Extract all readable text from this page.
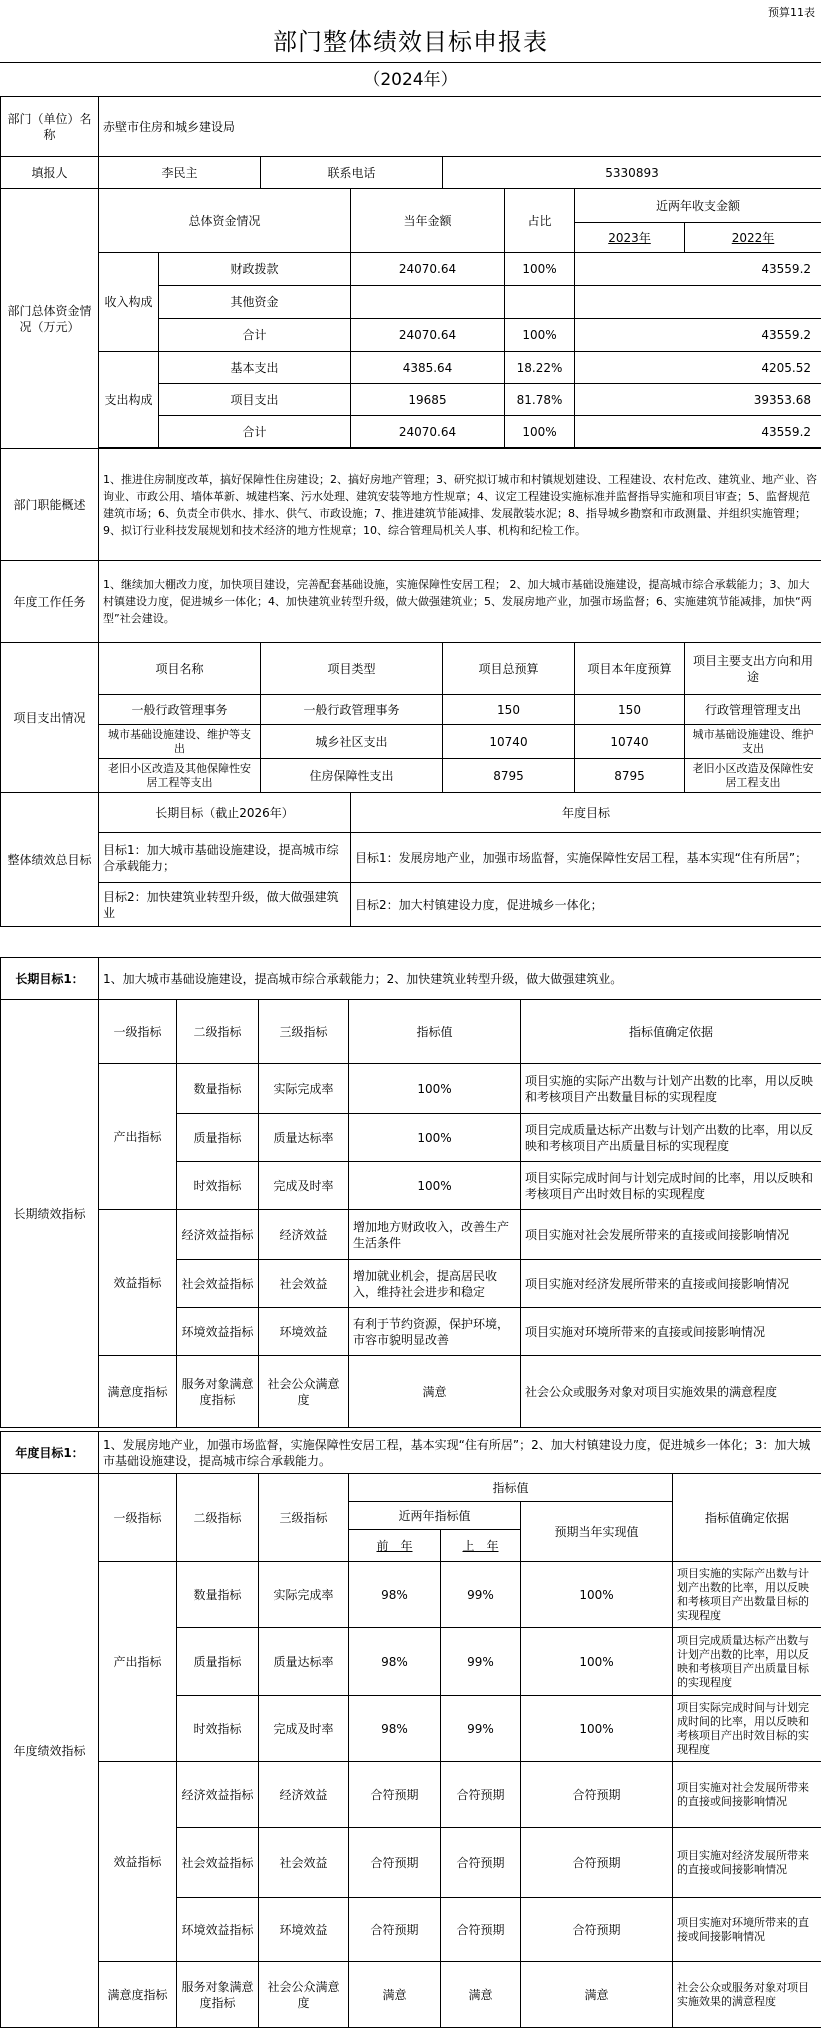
预算11表
部门整体绩效目标申报表
（2024年）
部门（单位）名称	赤壁市住房和城乡建设局								
填报人	李民主		联系电话		5330893				
部门总体资金情况（万元）	总体资金情况			当年金额		占比	近两年收支金额		
							2023年	2022年	
	收入构成	财政拨款		24070.64		100%	43559.2	
		其他资金				
		合计		24070.64		100%	43559.2	
	支出构成	基本支出		4385.64		18.22%	4205.52	
		项目支出		19685		81.78%	39353.68	
		合计		24070.64		100%	43559.2	

部门职能概述	1、推进住房制度改革，搞好保障性住房建设；2、搞好房地产管理；3、研究拟订城市和村镇规划建设、工程建设、农村危改、建筑业、地产业、咨询业、市政公用、墙体革新、城建档案、污水处理、建筑安装等地方性规章；4、议定工程建设实施标准并监督指导实施和项目审查；5、监督规范建筑市场；6、负责全市供水、排水、供气、市政设施；7、推进建筑节能减排、发展散装水泥；8、指导城乡勘察和市政测量、并组织实施管理；9、拟订行业科技发展规划和技术经济的地方性规章；10、综合管理局机关人事、机构和纪检工作。								
年度工作任务	1、继续加大棚改力度，加快项目建设，完善配套基础设施，实施保障性安居工程； 2、加大城市基础设施建设，提高城市综合承载能力；3、加大村镇建设力度，促进城乡一体化；4、加快建筑业转型升级，做大做强建筑业；5、发展房地产业，加强市场监督；6、实施建筑节能减排，加快“两型”社会建设。								
项目支出情况	项目名称		项目类型		项目总预算		项目本年度预算	项目主要支出方向和用途	
	一般行政管理事务		一般行政管理事务		150		150	行政管理管理支出	
	城市基础设施建设、维护等支出		城乡社区支出		10740		10740	城市基础设施建设、维护支出	
	老旧小区改造及其他保障性安居工程等支出		住房保障性支出		8795		8795	老旧小区改造及保障性安居工程支出	
整体绩效总目标	长期目标（截止2026年）			年度目标					
	目标1：加大城市基础设施建设，提高城市综合承载能力；			目标1：发展房地产业，加强市场监督，实施保障性安居工程，基本实现“住有所居”；					
	目标2：加快建筑业转型升级，做大做强建筑业			目标2：加大村镇建设力度，促进城乡一体化；					
长期目标1：	1、加大城市基础设施建设，提高城市综合承载能力；2、加快建筑业转型升级，做大做强建筑业。				
长期绩效指标	一级指标	二级指标	三级指标	指标值	指标值确定依据
	产出指标	数量指标	实际完成率	100%	项目实施的实际产出数与计划产出数的比率，用以反映和考核项目产出数量目标的实现程度
		质量指标	质量达标率	100%	项目完成质量达标产出数与计划产出数的比率，用以反映和考核项目产出质量目标的实现程度
		时效指标	完成及时率	100%	项目实际完成时间与计划完成时间的比率，用以反映和考核项目产出时效目标的实现程度
	效益指标	经济效益指标	经济效益	增加地方财政收入，改善生产生活条件	项目实施对社会发展所带来的直接或间接影响情况
		社会效益指标	社会效益	增加就业机会，提高居民收入，维持社会进步和稳定	项目实施对经济发展所带来的直接或间接影响情况
		环境效益指标	环境效益	有利于节约资源，保护环境，市容市貌明显改善	项目实施对环境所带来的直接或间接影响情况
	满意度指标	服务对象满意度指标	社会公众满意度	满意	社会公众或服务对象对项目实施效果的满意程度
年度目标1：	1、发展房地产业，加强市场监督，实施保障性安居工程，基本实现“住有所居”；2、加大村镇建设力度，促进城乡一体化；3：加大城市基础设施建设，提高城市综合承载能力。						
年度绩效指标	一级指标	二级指标	三级指标	指标值			指标值确定依据
				近两年指标值		预期当年实现值	
				前　年	上　年		
	产出指标	数量指标	实际完成率	98%	99%	100%	项目实施的实际产出数与计划产出数的比率，用以反映和考核项目产出数量目标的实现程度
		质量指标	质量达标率	98%	99%	100%	项目完成质量达标产出数与计划产出数的比率，用以反映和考核项目产出质量目标的实现程度
		时效指标	完成及时率	98%	99%	100%	项目实际完成时间与计划完成时间的比率，用以反映和考核项目产出时效目标的实现程度
	效益指标	经济效益指标	经济效益	合符预期	合符预期	合符预期	项目实施对社会发展所带来的直接或间接影响情况
		社会效益指标	社会效益	合符预期	合符预期	合符预期	项目实施对经济发展所带来的直接或间接影响情况
		环境效益指标	环境效益	合符预期	合符预期	合符预期	项目实施对环境所带来的直接或间接影响情况
	满意度指标	服务对象满意度指标	社会公众满意度	满意	满意	满意	社会公众或服务对象对项目实施效果的满意程度
